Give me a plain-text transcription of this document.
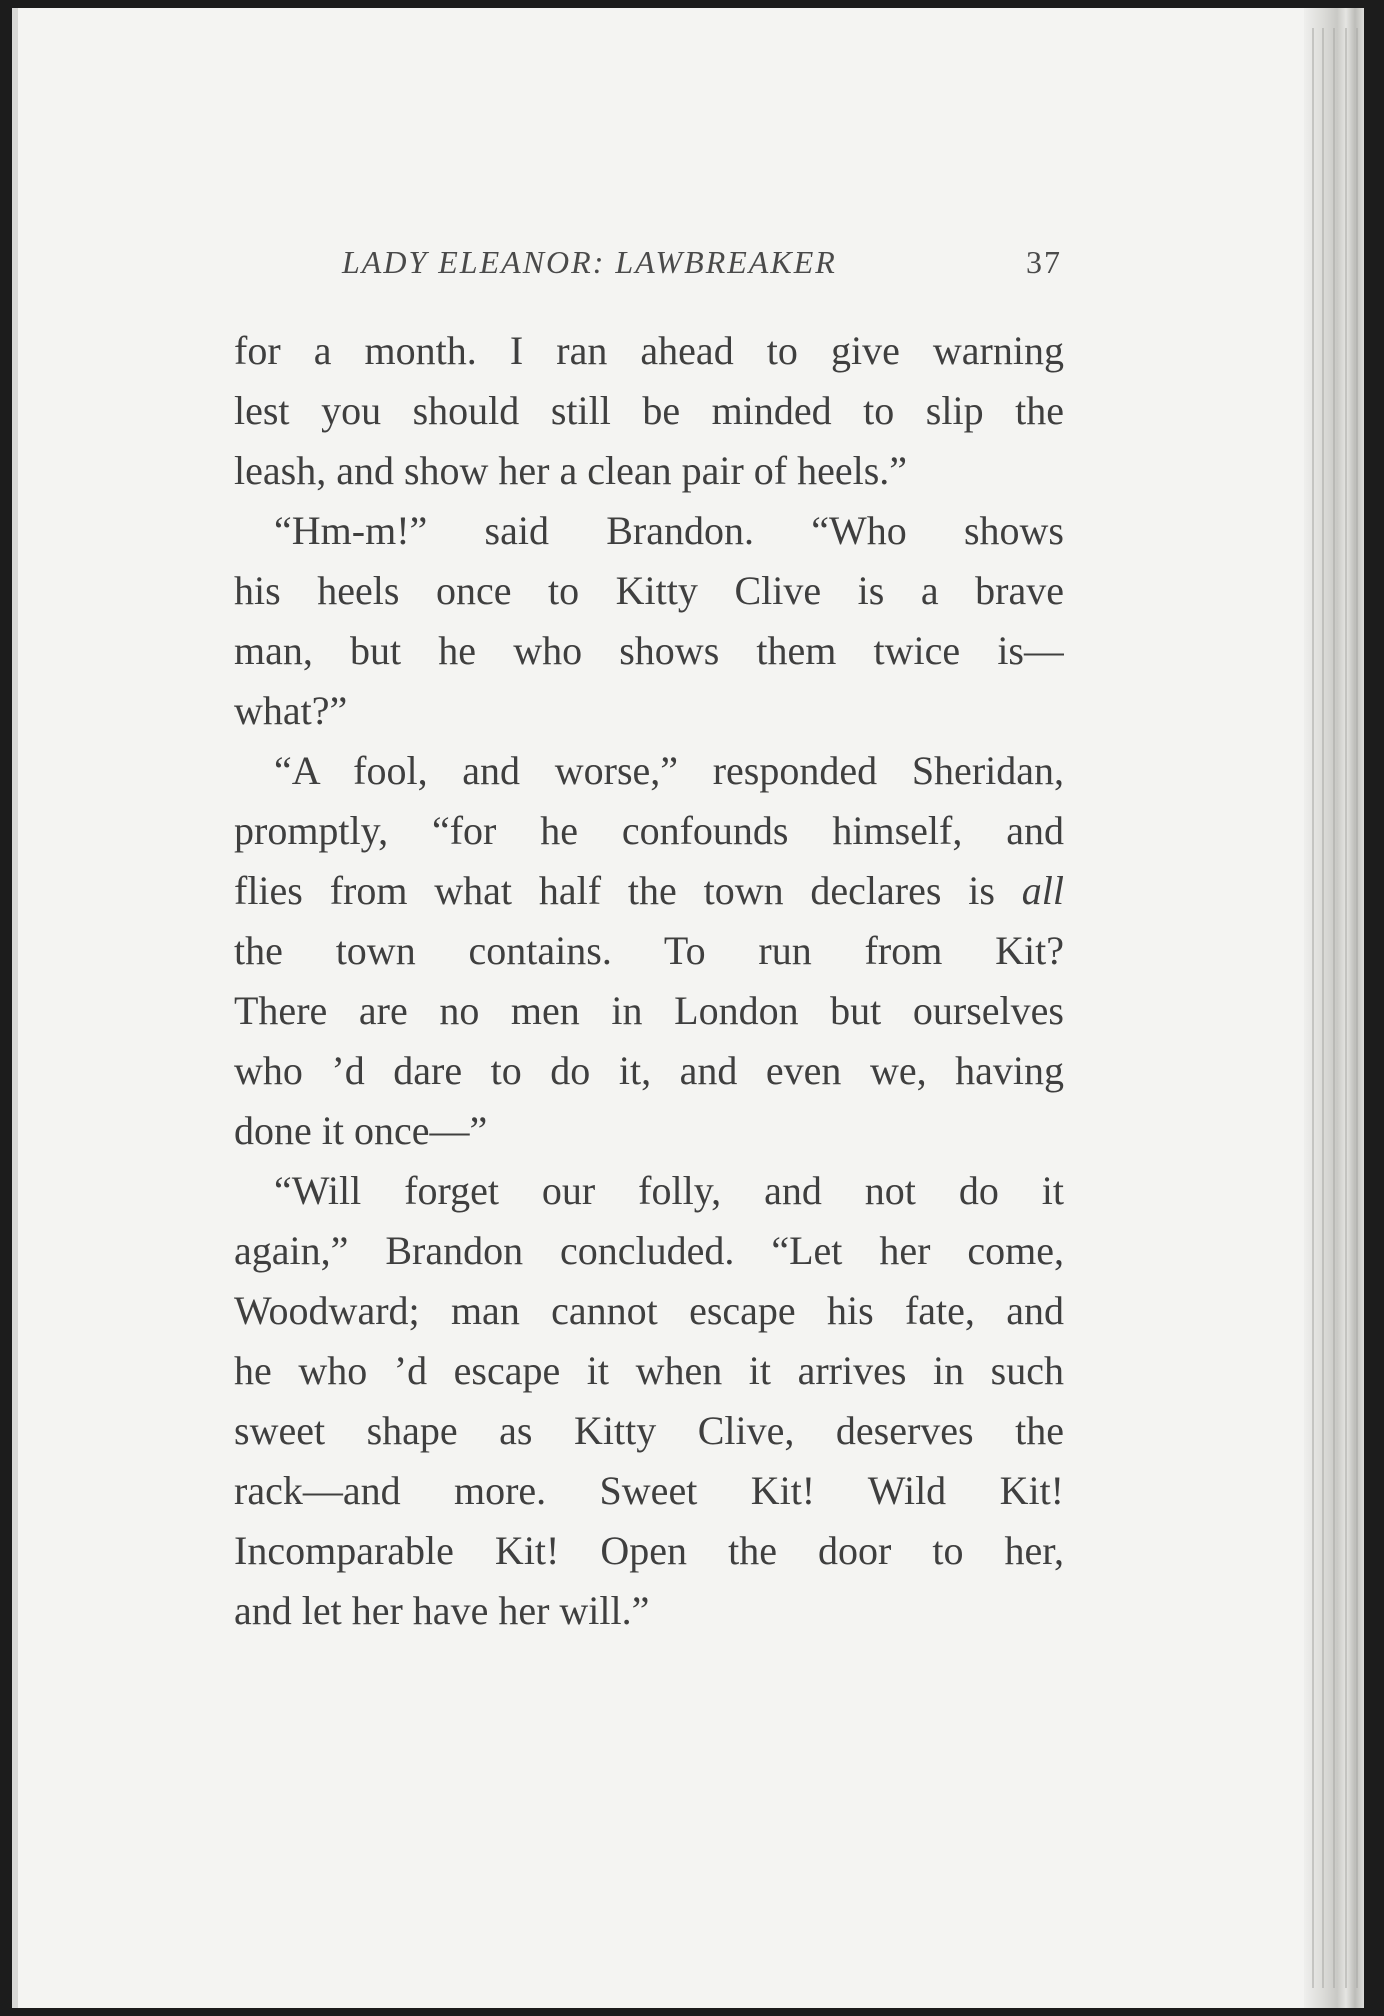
LADY ELEANOR: LAWBREAKER	37
for a month. I ran ahead to give warning
lest you should still be minded to slip the
leash, and show her a clean pair of heels.”
“Hm-m!” said Brandon. “Who shows
his heels once to Kitty Clive is a brave
man, but he who shows them twice is—
what?”
“A fool, and worse,” responded Sheridan,
promptly, “for he confounds himself, and
flies from what half the town declares is all
the town contains. To run from Kit?
There are no men in London but ourselves
who ’d dare to do it, and even we, having
done it once—”
“Will forget our folly, and not do it
again,” Brandon concluded. “Let her come,
Woodward; man cannot escape his fate, and
he who ’d escape it when it arrives in such
sweet shape as Kitty Clive, deserves the
rack—and more. Sweet Kit! Wild Kit!
Incomparable Kit! Open the door to her,
and let her have her will.”
